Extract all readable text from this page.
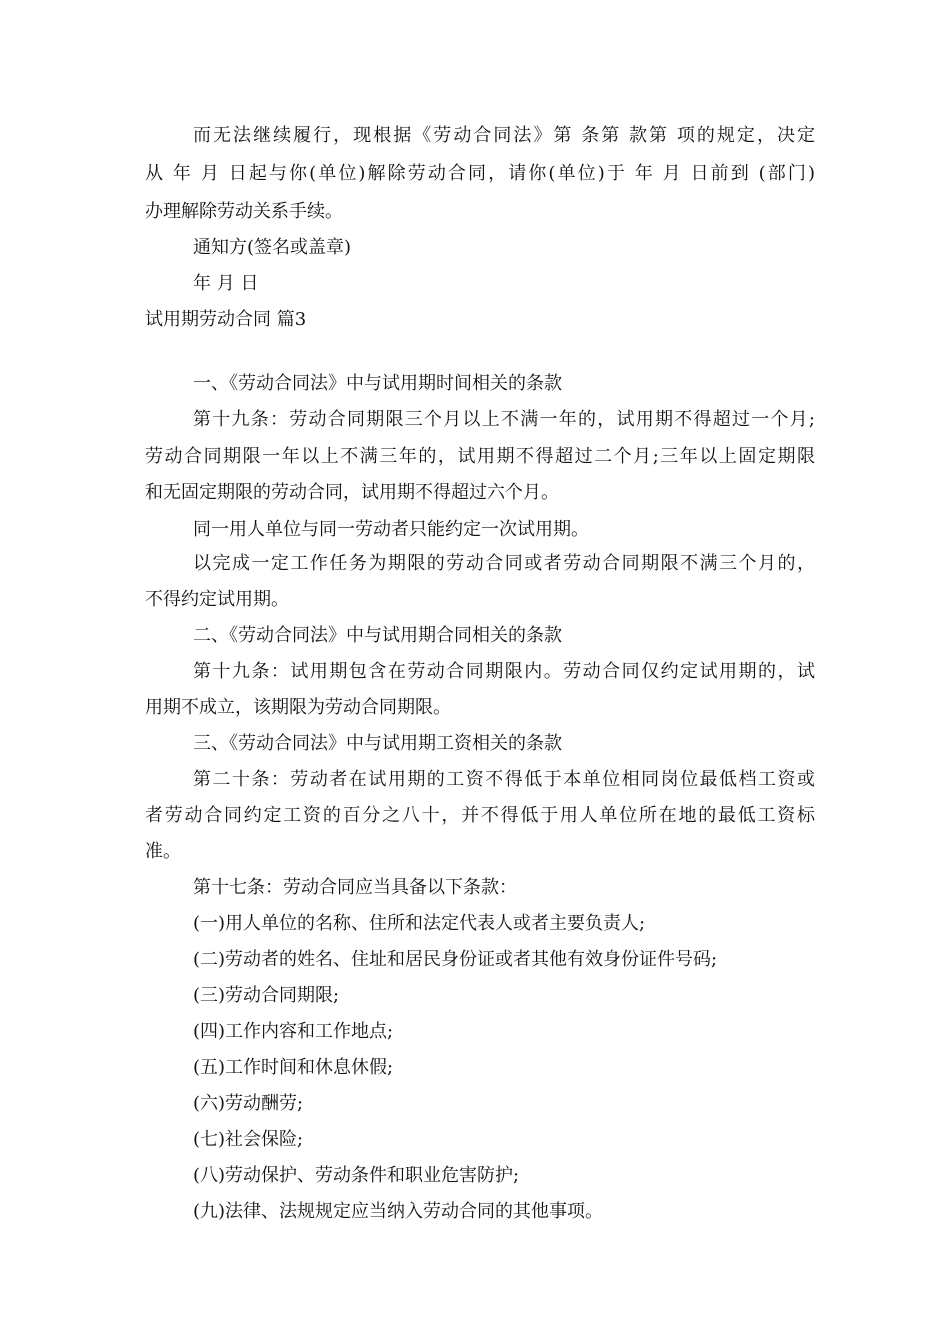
而无法继续履行，现根据《劳动合同法》第 条第 款第 项的规定，决定
从 年 月 日起与你(单位)解除劳动合同，请你(单位)于 年 月 日前到 (部门)
办理解除劳动关系手续。
通知方(签名或盖章)
年 月 日
试用期劳动合同 篇3
一、《劳动合同法》中与试用期时间相关的条款
第十九条：劳动合同期限三个月以上不满一年的，试用期不得超过一个月;
劳动合同期限一年以上不满三年的，试用期不得超过二个月;三年以上固定期限
和无固定期限的劳动合同，试用期不得超过六个月。
同一用人单位与同一劳动者只能约定一次试用期。
以完成一定工作任务为期限的劳动合同或者劳动合同期限不满三个月的，
不得约定试用期。
二、《劳动合同法》中与试用期合同相关的条款
第十九条：试用期包含在劳动合同期限内。劳动合同仅约定试用期的，试
用期不成立，该期限为劳动合同期限。
三、《劳动合同法》中与试用期工资相关的条款
第二十条：劳动者在试用期的工资不得低于本单位相同岗位最低档工资或
者劳动合同约定工资的百分之八十，并不得低于用人单位所在地的最低工资标
准。
第十七条：劳动合同应当具备以下条款：
(一)用人单位的名称、住所和法定代表人或者主要负责人;
(二)劳动者的姓名、住址和居民身份证或者其他有效身份证件号码;
(三)劳动合同期限;
(四)工作内容和工作地点;
(五)工作时间和休息休假;
(六)劳动酬劳;
(七)社会保险;
(八)劳动保护、劳动条件和职业危害防护;
(九)法律、法规规定应当纳入劳动合同的其他事项。
